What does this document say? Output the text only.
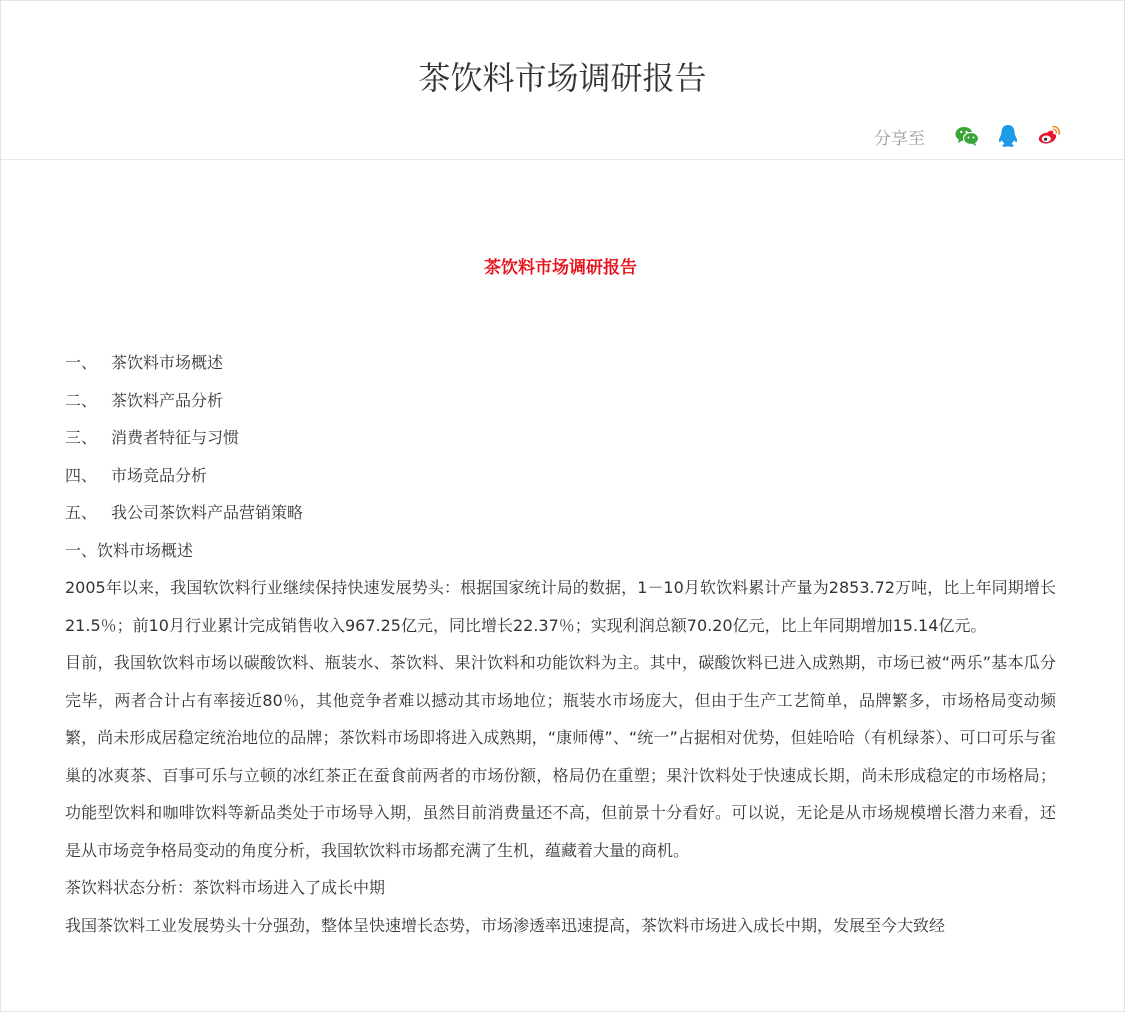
茶饮料市场调研报告
分享至
茶饮料市场调研报告
一、 茶饮料市场概述
二、 茶饮料产品分析
三、 消费者特征与习惯
四、 市场竞品分析
五、 我公司茶饮料产品营销策略

一、饮料市场概述

2005年以来，我国软饮料行业继续保持快速发展势头：根据国家统计局的数据，1－10月软饮料累计产量为2853.72万吨，比上年同期增长21.5％；前10月行业累计完成销售收入967.25亿元，同比增长22.37％；实现利润总额70.20亿元，比上年同期增加15.14亿元。

目前，我国软饮料市场以碳酸饮料、瓶装水、茶饮料、果汁饮料和功能饮料为主。其中，碳酸饮料已进入成熟期，市场已被“两乐”基本瓜分完毕，两者合计占有率接近80％，其他竞争者难以撼动其市场地位；瓶装水市场庞大，但由于生产工艺简单，品牌繁多，市场格局变动频繁，尚未形成居稳定统治地位的品牌；茶饮料市场即将进入成熟期，“康师傅”、“统一”占据相对优势，但娃哈哈（有机绿茶）、可口可乐与雀巢的冰爽茶、百事可乐与立顿的冰红茶正在蚕食前两者的市场份额，格局仍在重塑；果汁饮料处于快速成长期，尚未形成稳定的市场格局；功能型饮料和咖啡饮料等新品类处于市场导入期，虽然目前消费量还不高，但前景十分看好。可以说，无论是从市场规模增长潜力来看，还是从市场竞争格局变动的角度分析，我国软饮料市场都充满了生机，蕴藏着大量的商机。

茶饮料状态分析：茶饮料市场进入了成长中期

我国茶饮料工业发展势头十分强劲，整体呈快速增长态势，市场渗透率迅速提高，茶饮料市场进入成长中期，发展至今大致经
